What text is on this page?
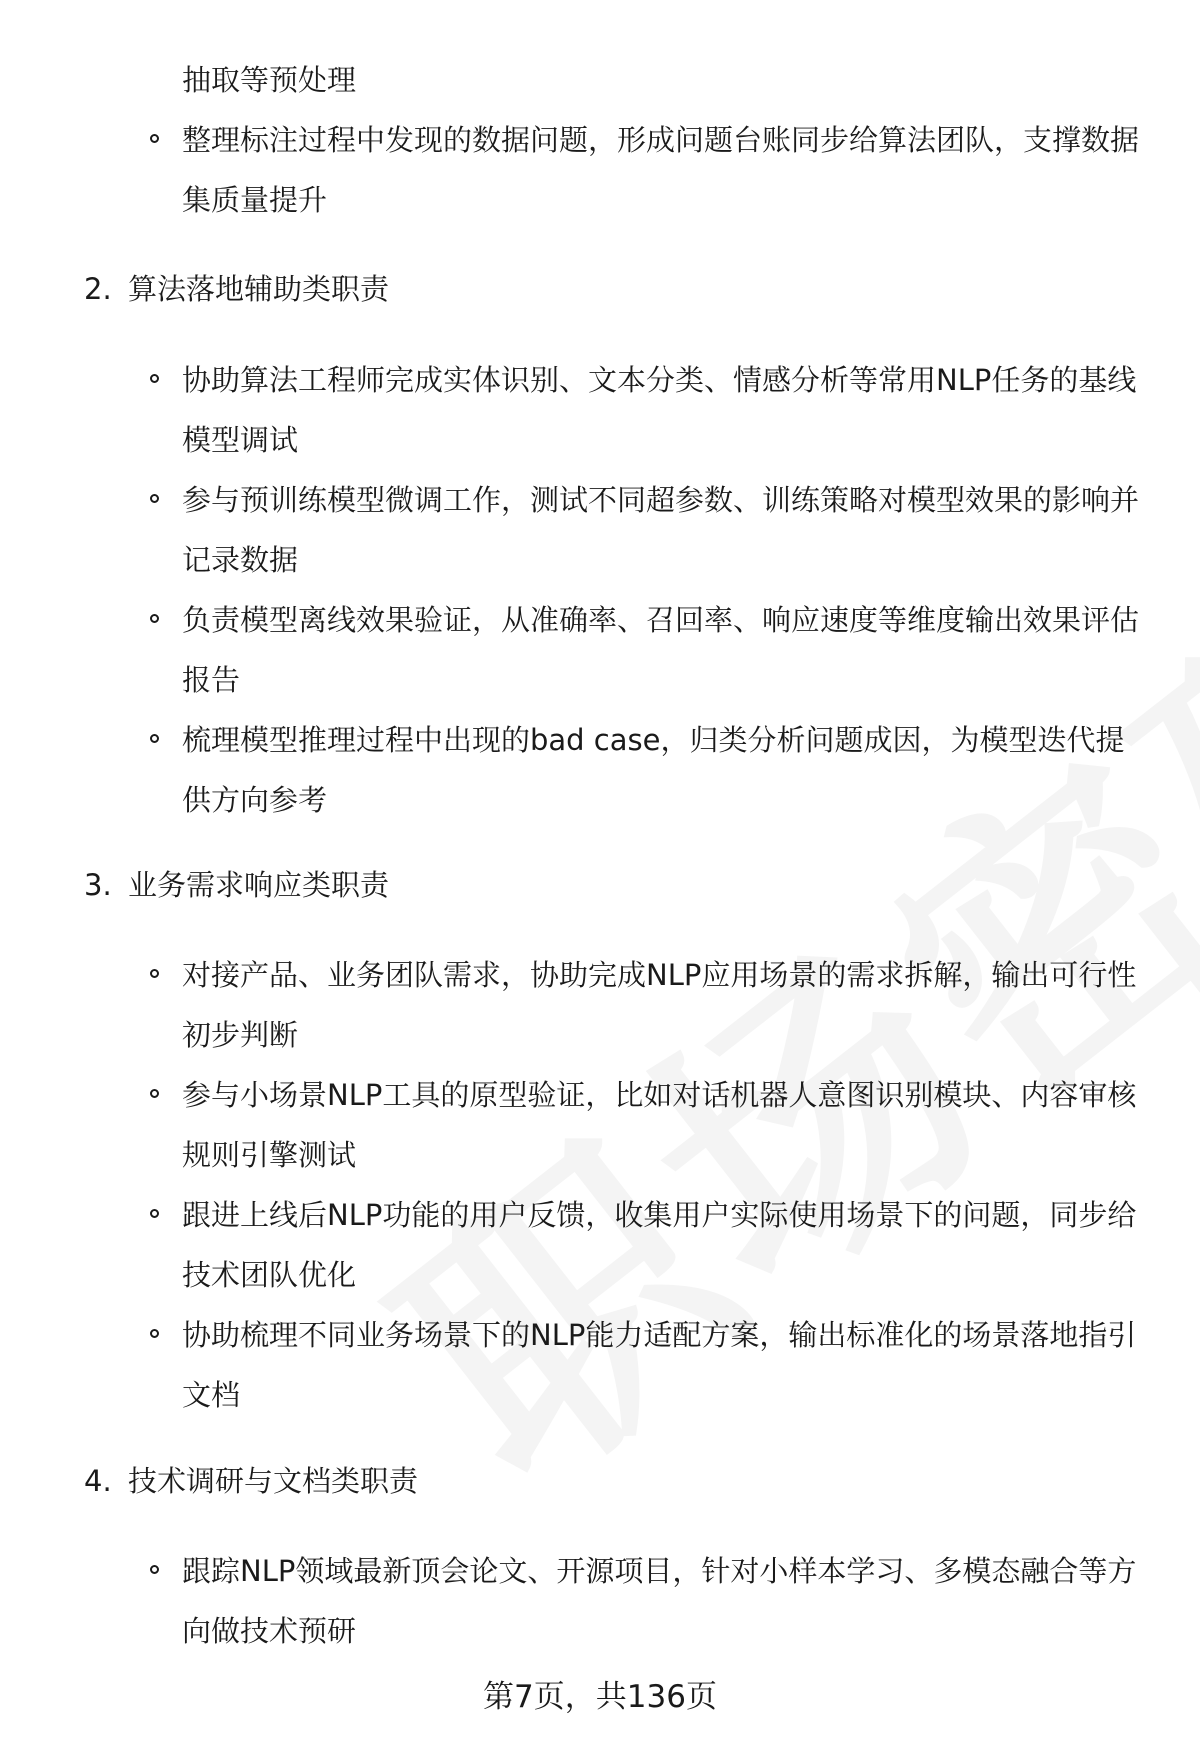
抽取等预处理
整理标注过程中发现的数据问题，形成问题台账同步给算法团队，支撑数据集质量提升
2. 算法落地辅助类职责
协助算法工程师完成实体识别、文本分类、情感分析等常用NLP任务的基线模型调试
参与预训练模型微调工作，测试不同超参数、训练策略对模型效果的影响并记录数据
负责模型离线效果验证，从准确率、召回率、响应速度等维度输出效果评估报告
梳理模型推理过程中出现的bad case，归类分析问题成因，为模型迭代提供方向参考
3. 业务需求响应类职责
对接产品、业务团队需求，协助完成NLP应用场景的需求拆解，输出可行性初步判断
参与小场景NLP工具的原型验证，比如对话机器人意图识别模块、内容审核规则引擎测试
跟进上线后NLP功能的用户反馈，收集用户实际使用场景下的问题，同步给技术团队优化
协助梳理不同业务场景下的NLP能力适配方案，输出标准化的场景落地指引文档
4. 技术调研与文档类职责
跟踪NLP领域最新顶会论文、开源项目，针对小样本学习、多模态融合等方向做技术预研
第7页，共136页
